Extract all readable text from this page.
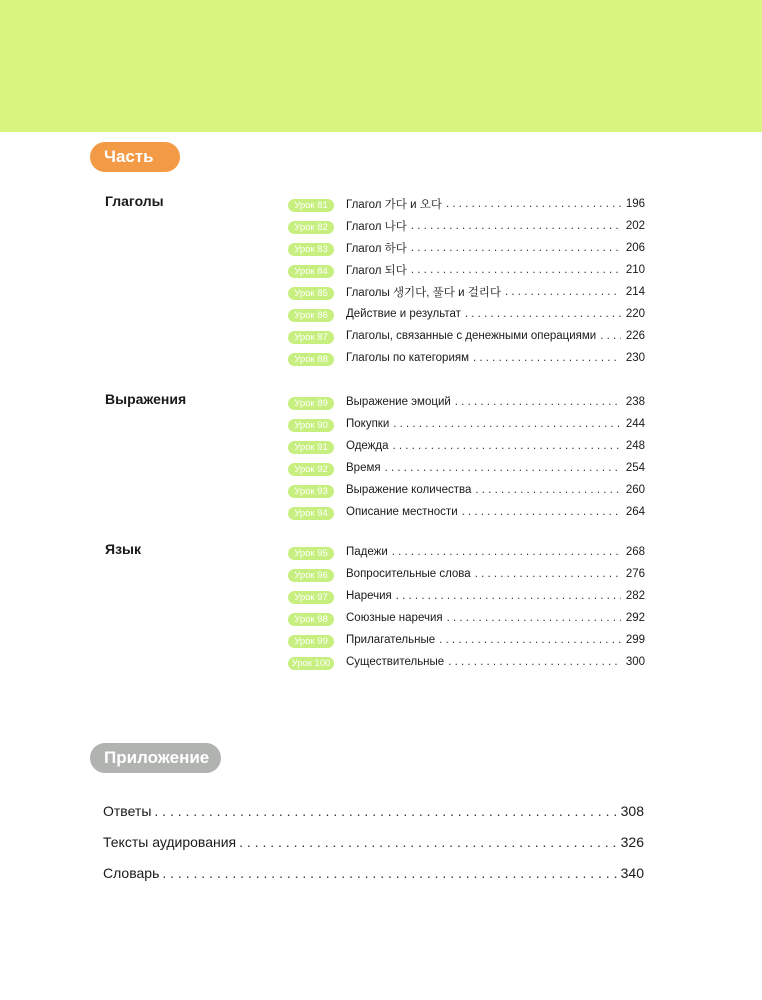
Часть 3
Глаголы	Урок 81	Глагол 가다 и 오다 . . .	196
Урок 82	Глагол 나다 . . .	202
Урок 83	Глагол 하다 . . .	206
Урок 84	Глагол 되다 . . .	210
Урок 85	Глаголы 생기다, 풀다 и 걸리다 . . .	214
Урок 86	Действие и результат . . .	220
Урок 87	Глаголы, связанные с денежными операциями . . .	226
Урок 88	Глаголы по категориям . . .	230
Выражения	Урок 89	Выражение эмоций . . .	238
Урок 90	Покупки . . .	244
Урок 91	Одежда . . .	248
Урок 92	Время . . .	254
Урок 93	Выражение количества . . .	260
Урок 94	Описание местности . . .	264
Язык	Урок 95	Падежи . . .	268
Урок 96	Вопросительные слова . . .	276
Урок 97	Наречия . . .	282
Урок 98	Союзные наречия . . .	292
Урок 99	Прилагательные . . .	299
Урок 100	Существительные . . .	300
Приложение
Ответы . . .	308
Тексты аудирования . . .	326
Словарь . . .	340
